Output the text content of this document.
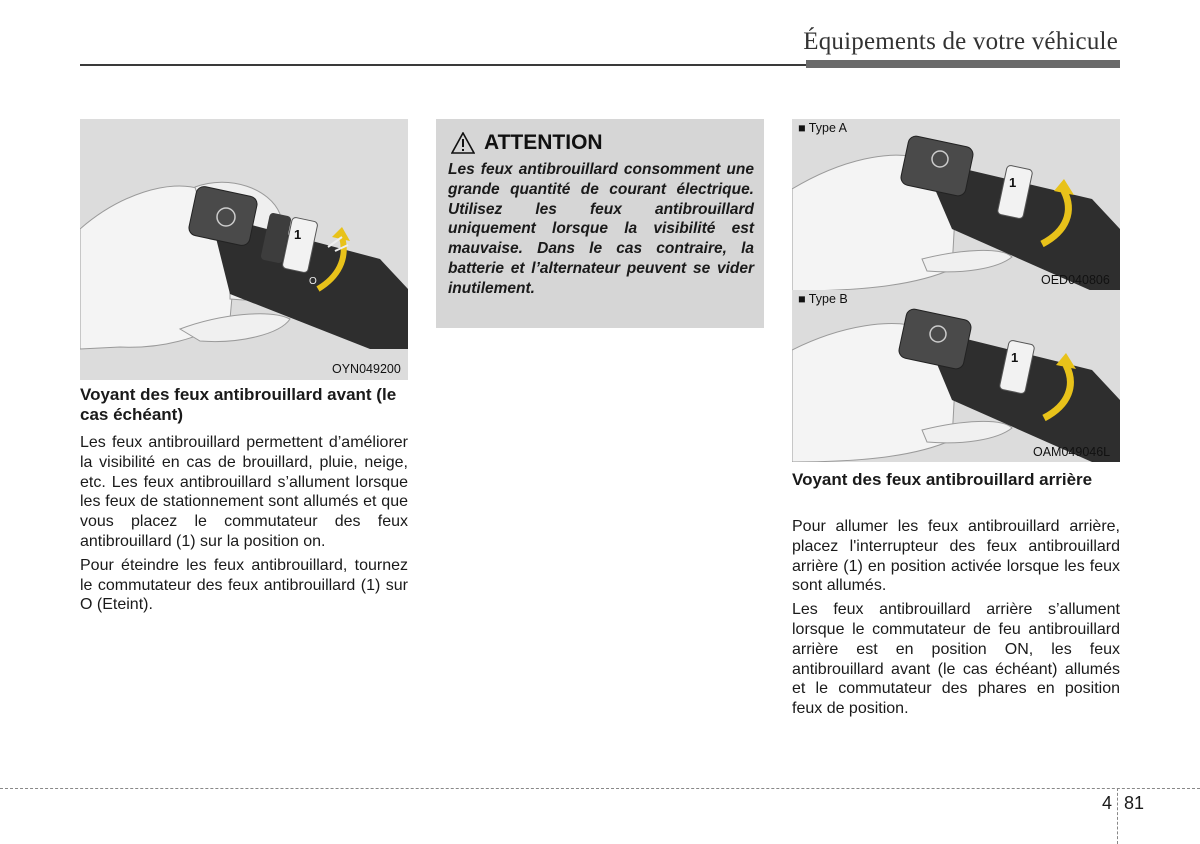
Équipements de votre véhicule
1
O
OYN049200
Voyant des feux antibrouillard avant (le cas échéant)

Les feux antibrouillard permettent d’améliorer la visibilité en cas de brouillard, pluie, neige, etc. Les feux antibrouillard s’allument lorsque les feux de stationnement sont allumés et que vous placez le commutateur des feux antibrouillard (1) sur la position on.

Pour éteindre les feux antibrouillard, tournez le commutateur des feux antibrouillard (1) sur O (Eteint).

ATTENTION
Les feux antibrouillard consomment une grande quantité de courant électrique. Utilisez les feux antibrouillard uniquement lorsque la visibilité est mauvaise. Dans le cas contraire, la batterie et l’alternateur peuvent se vider inutilement.
1
■ Type A
OED040806
1
■ Type B
OAM049046L
Voyant des feux antibrouillard arrière

Pour allumer les feux antibrouillard arrière, placez l'interrupteur des feux antibrouillard arrière (1) en position activée lorsque les feux sont allumés.

Les feux antibrouillard arrière s’allument lorsque le commutateur de feu antibrouillard arrière est en position ON, les feux antibrouillard avant (le cas échéant) allumés et le commutateur des phares en position feux de position.

4 81
